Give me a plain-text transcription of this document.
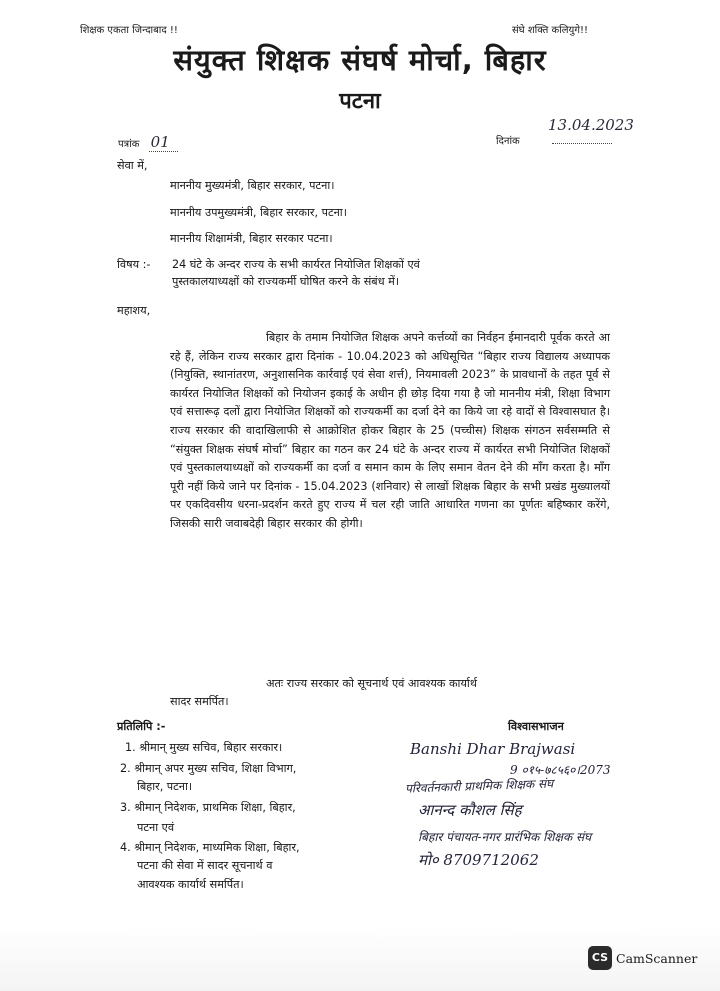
शिक्षक एकता जिन्दाबाद !!	संघे शक्ति कलियुगे!!
संयुक्त शिक्षक संघर्ष मोर्चा, बिहार
पटना
पत्रांक 01	दिनांक
13.04.2023
सेवा में,
माननीय मुख्यमंत्री, बिहार सरकार, पटना।
माननीय उपमुख्यमंत्री, बिहार सरकार, पटना।
माननीय शिक्षामंत्री, बिहार सरकार पटना।
विषय :- 24 घंटे के अन्दर राज्य के सभी कार्यरत नियोजित शिक्षकों एवं
पुस्तकालयाध्यक्षों को राज्यकर्मी घोषित करने के संबंध में।
महाशय,
बिहार के तमाम नियोजित शिक्षक अपने कर्त्तव्यों का निर्वहन ईमानदारी पूर्वक करते आ रहे हैं, लेकिन राज्य सरकार द्वारा दिनांक - 10.04.2023 को अधिसूचित “बिहार राज्य विद्यालय अध्यापक (नियुक्ति, स्थानांतरण, अनुशासनिक कार्रवाई एवं सेवा शर्त्त), नियमावली 2023” के प्रावधानों के तहत पूर्व से कार्यरत नियोजित शिक्षकों को नियोजन इकाई के अधीन ही छोड़ दिया गया है जो माननीय मंत्री, शिक्षा विभाग एवं सत्तारूढ़ दलों द्वारा नियोजित शिक्षकों को राज्यकर्मी का दर्जा देने का किये जा रहे वादों से विश्वासघात है। राज्य सरकार की वादाखिलाफी से आक्रोशित होकर बिहार के 25 (पच्चीस) शिक्षक संगठन सर्वसम्मति से “संयुक्त शिक्षक संघर्ष मोर्चा” बिहार का गठन कर 24 घंटे के अन्दर राज्य में कार्यरत सभी नियोजित शिक्षकों एवं पुस्तकालयाध्यक्षों को राज्यकर्मी का दर्जा व समान काम के लिए समान वेतन देने की माँग करता है। माँग पूरी नहीं किये जाने पर दिनांक - 15.04.2023 (शनिवार) से लाखों शिक्षक बिहार के सभी प्रखंड मुख्यालयों पर एकदिवसीय धरना-प्रदर्शन करते हुए राज्य में चल रही जाति आधारित गणना का पूर्णतः बहिष्कार करेंगे, जिसकी सारी जवाबदेही बिहार सरकार की होगी।
अतः राज्य सरकार को सूचनार्थ एवं आवश्यक कार्यार्थ
सादर समर्पित।
प्रतिलिपि :-
1. श्रीमान् मुख्य सचिव, बिहार सरकार।
2. श्रीमान् अपर मुख्य सचिव, शिक्षा विभाग,
बिहार, पटना।
3. श्रीमान् निदेशक, प्राथमिक शिक्षा, बिहार,
पटना एवं
4. श्रीमान् निदेशक, माध्यमिक शिक्षा, बिहार,
पटना की सेवा में सादर सूचनार्थ व
आवश्यक कार्यार्थ समर्पित।
विश्वासभाजन
Banshi Dhar Brajwasi
9 ०१५-७८५६०।2073
परिवर्तनकारी प्राथमिक शिक्षक संघ
आनन्द कौशल सिंह
बिहार पंचायत-नगर प्रारंभिक शिक्षक संघ
मो० 8709712062
CS CamScanner
